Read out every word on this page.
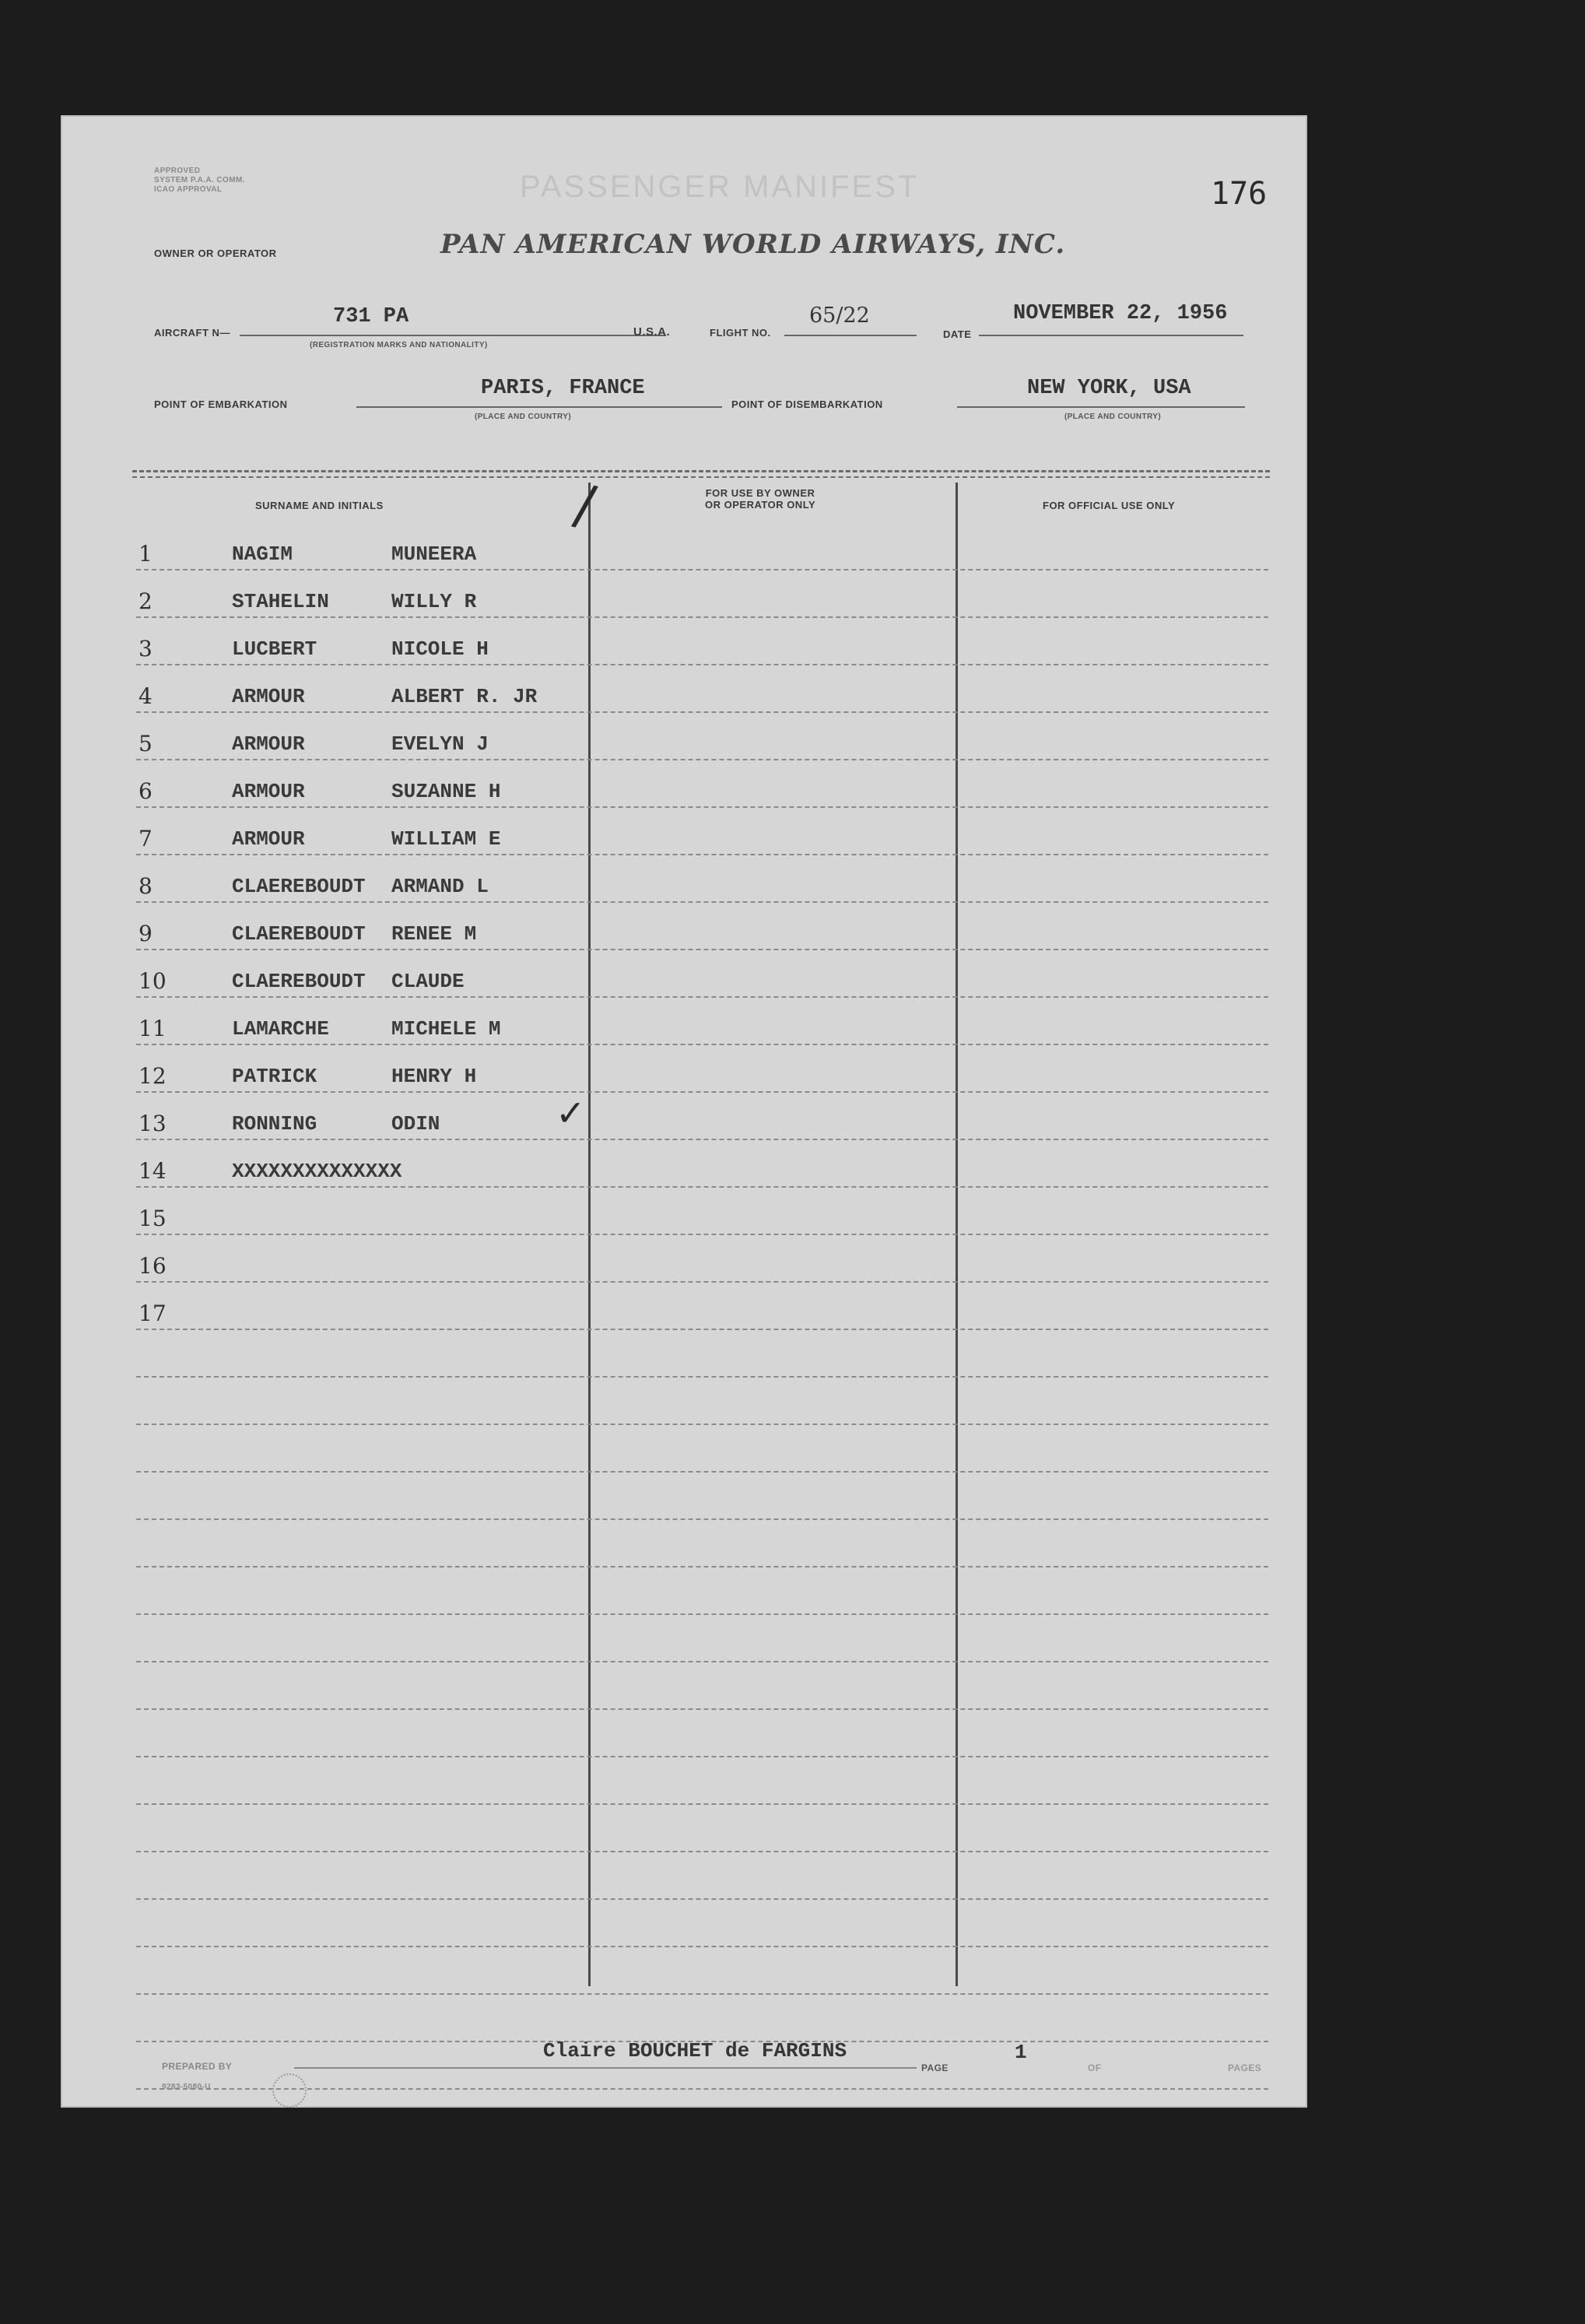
APPROVED
SYSTEM P.A.A. COMM.
ICAO APPROVAL	PASSENGER MANIFEST	176
OWNER OR OPERATOR	PAN AMERICAN WORLD AIRWAYS, INC.
AIRCRAFT N—
731 PA
(REGISTRATION MARKS AND NATIONALITY)
U.S.A.	FLIGHT NO.
65/22
DATE
NOVEMBER 22, 1956
POINT OF EMBARKATION
PARIS, FRANCE
(PLACE AND COUNTRY)
POINT OF DISEMBARKATION
NEW YORK, USA
(PLACE AND COUNTRY)
SURNAME AND INITIALS
FOR USE BY OWNER
OR OPERATOR ONLY	FOR OFFICIAL USE ONLY
1	NAGIM	MUNEERA
2	STAHELIN	WILLY R
3	LUCBERT	NICOLE H
4	ARMOUR	ALBERT R. JR
5	ARMOUR	EVELYN J
6	ARMOUR	SUZANNE H
7	ARMOUR	WILLIAM E
8	CLAEREBOUDT ARMAND L
9	CLAEREBOUDT RENEE M
10	CLAEREBOUDT CLAUDE
11	LAMARCHE	MICHELE M
12	PATRICK	HENRY H
13	RONNING	ODIN
14	XXXXXXXXXXXXXX
15
16
17
/
✓
PREPARED BY
Claire BOUCHET de FARGINS
PAGE
1
OF	PAGES
9283-5080-U
